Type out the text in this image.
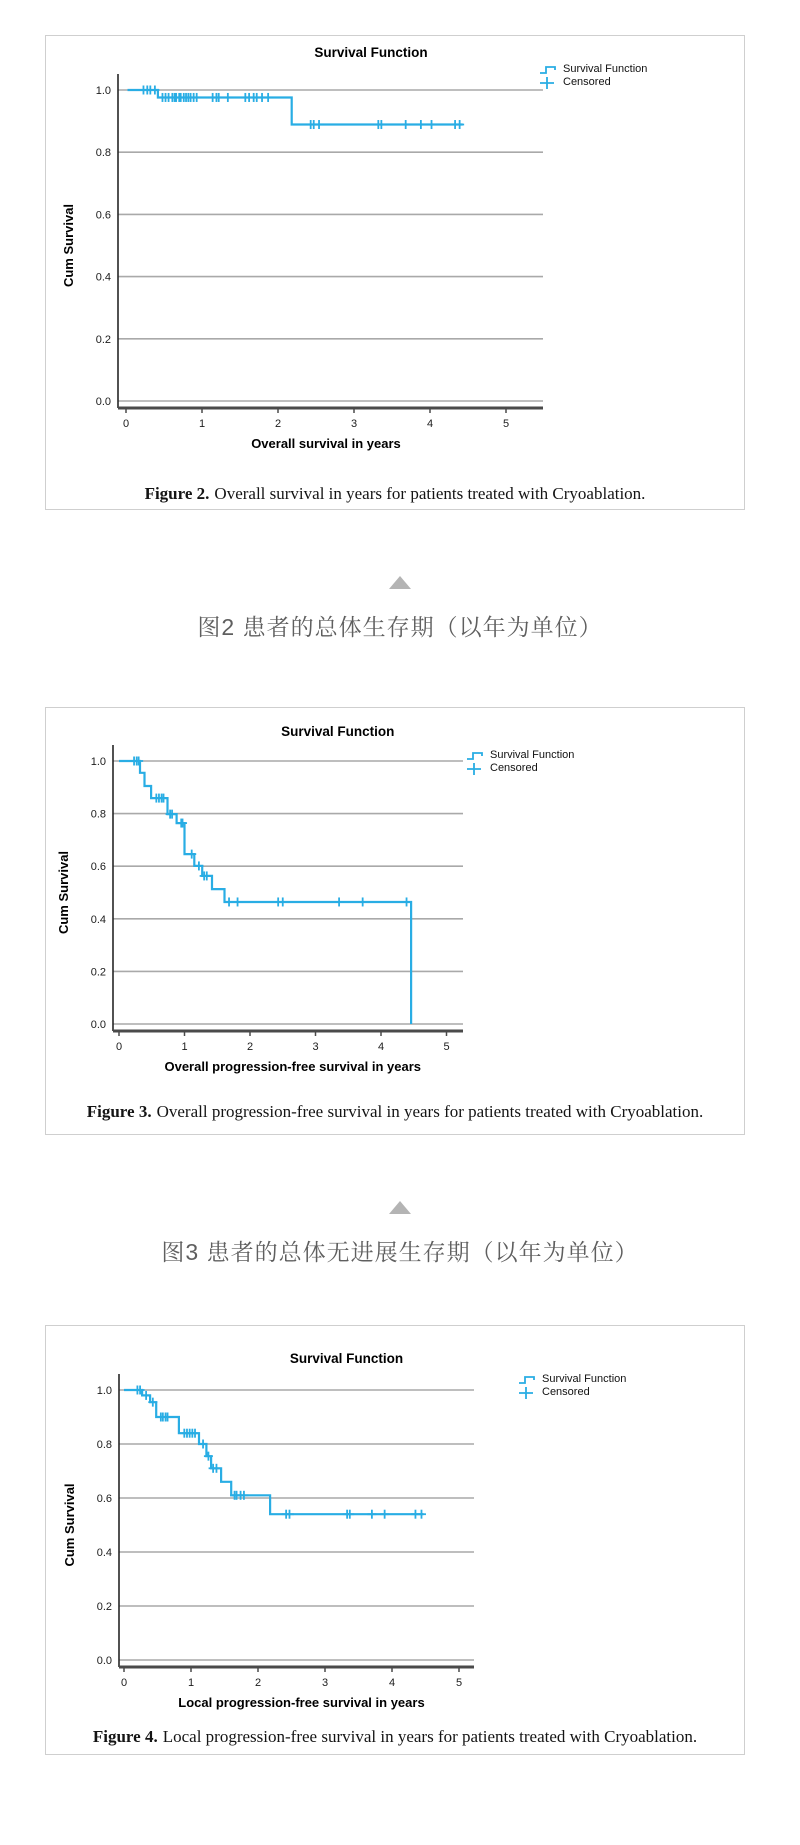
1.0
0.8
0.6
0.4
0.2
0.0
0	1	2	3	4	5
Survival Function
Overall survival in years
Cum Survival
Survival Function
Censored

Figure 2. Overall survival in years for patients treated with Cryoablation.

图2 患者的总体生存期（以年为单位）
1.0
0.8
0.6
0.4
0.2
0.0
0	1	2	3	4	5
Survival Function
Overall progression-free survival in years
Cum Survival
Survival Function
Censored

Figure 3. Overall progression-free survival in years for patients treated with Cryoablation.

图3 患者的总体无进展生存期（以年为单位）
1.0
0.8
0.6
0.4
0.2
0.0
0	1	2	3	4	5
Survival Function
Local progression-free survival in years
Cum Survival
Survival Function
Censored

Figure 4. Local progression-free survival in years for patients treated with Cryoablation.
